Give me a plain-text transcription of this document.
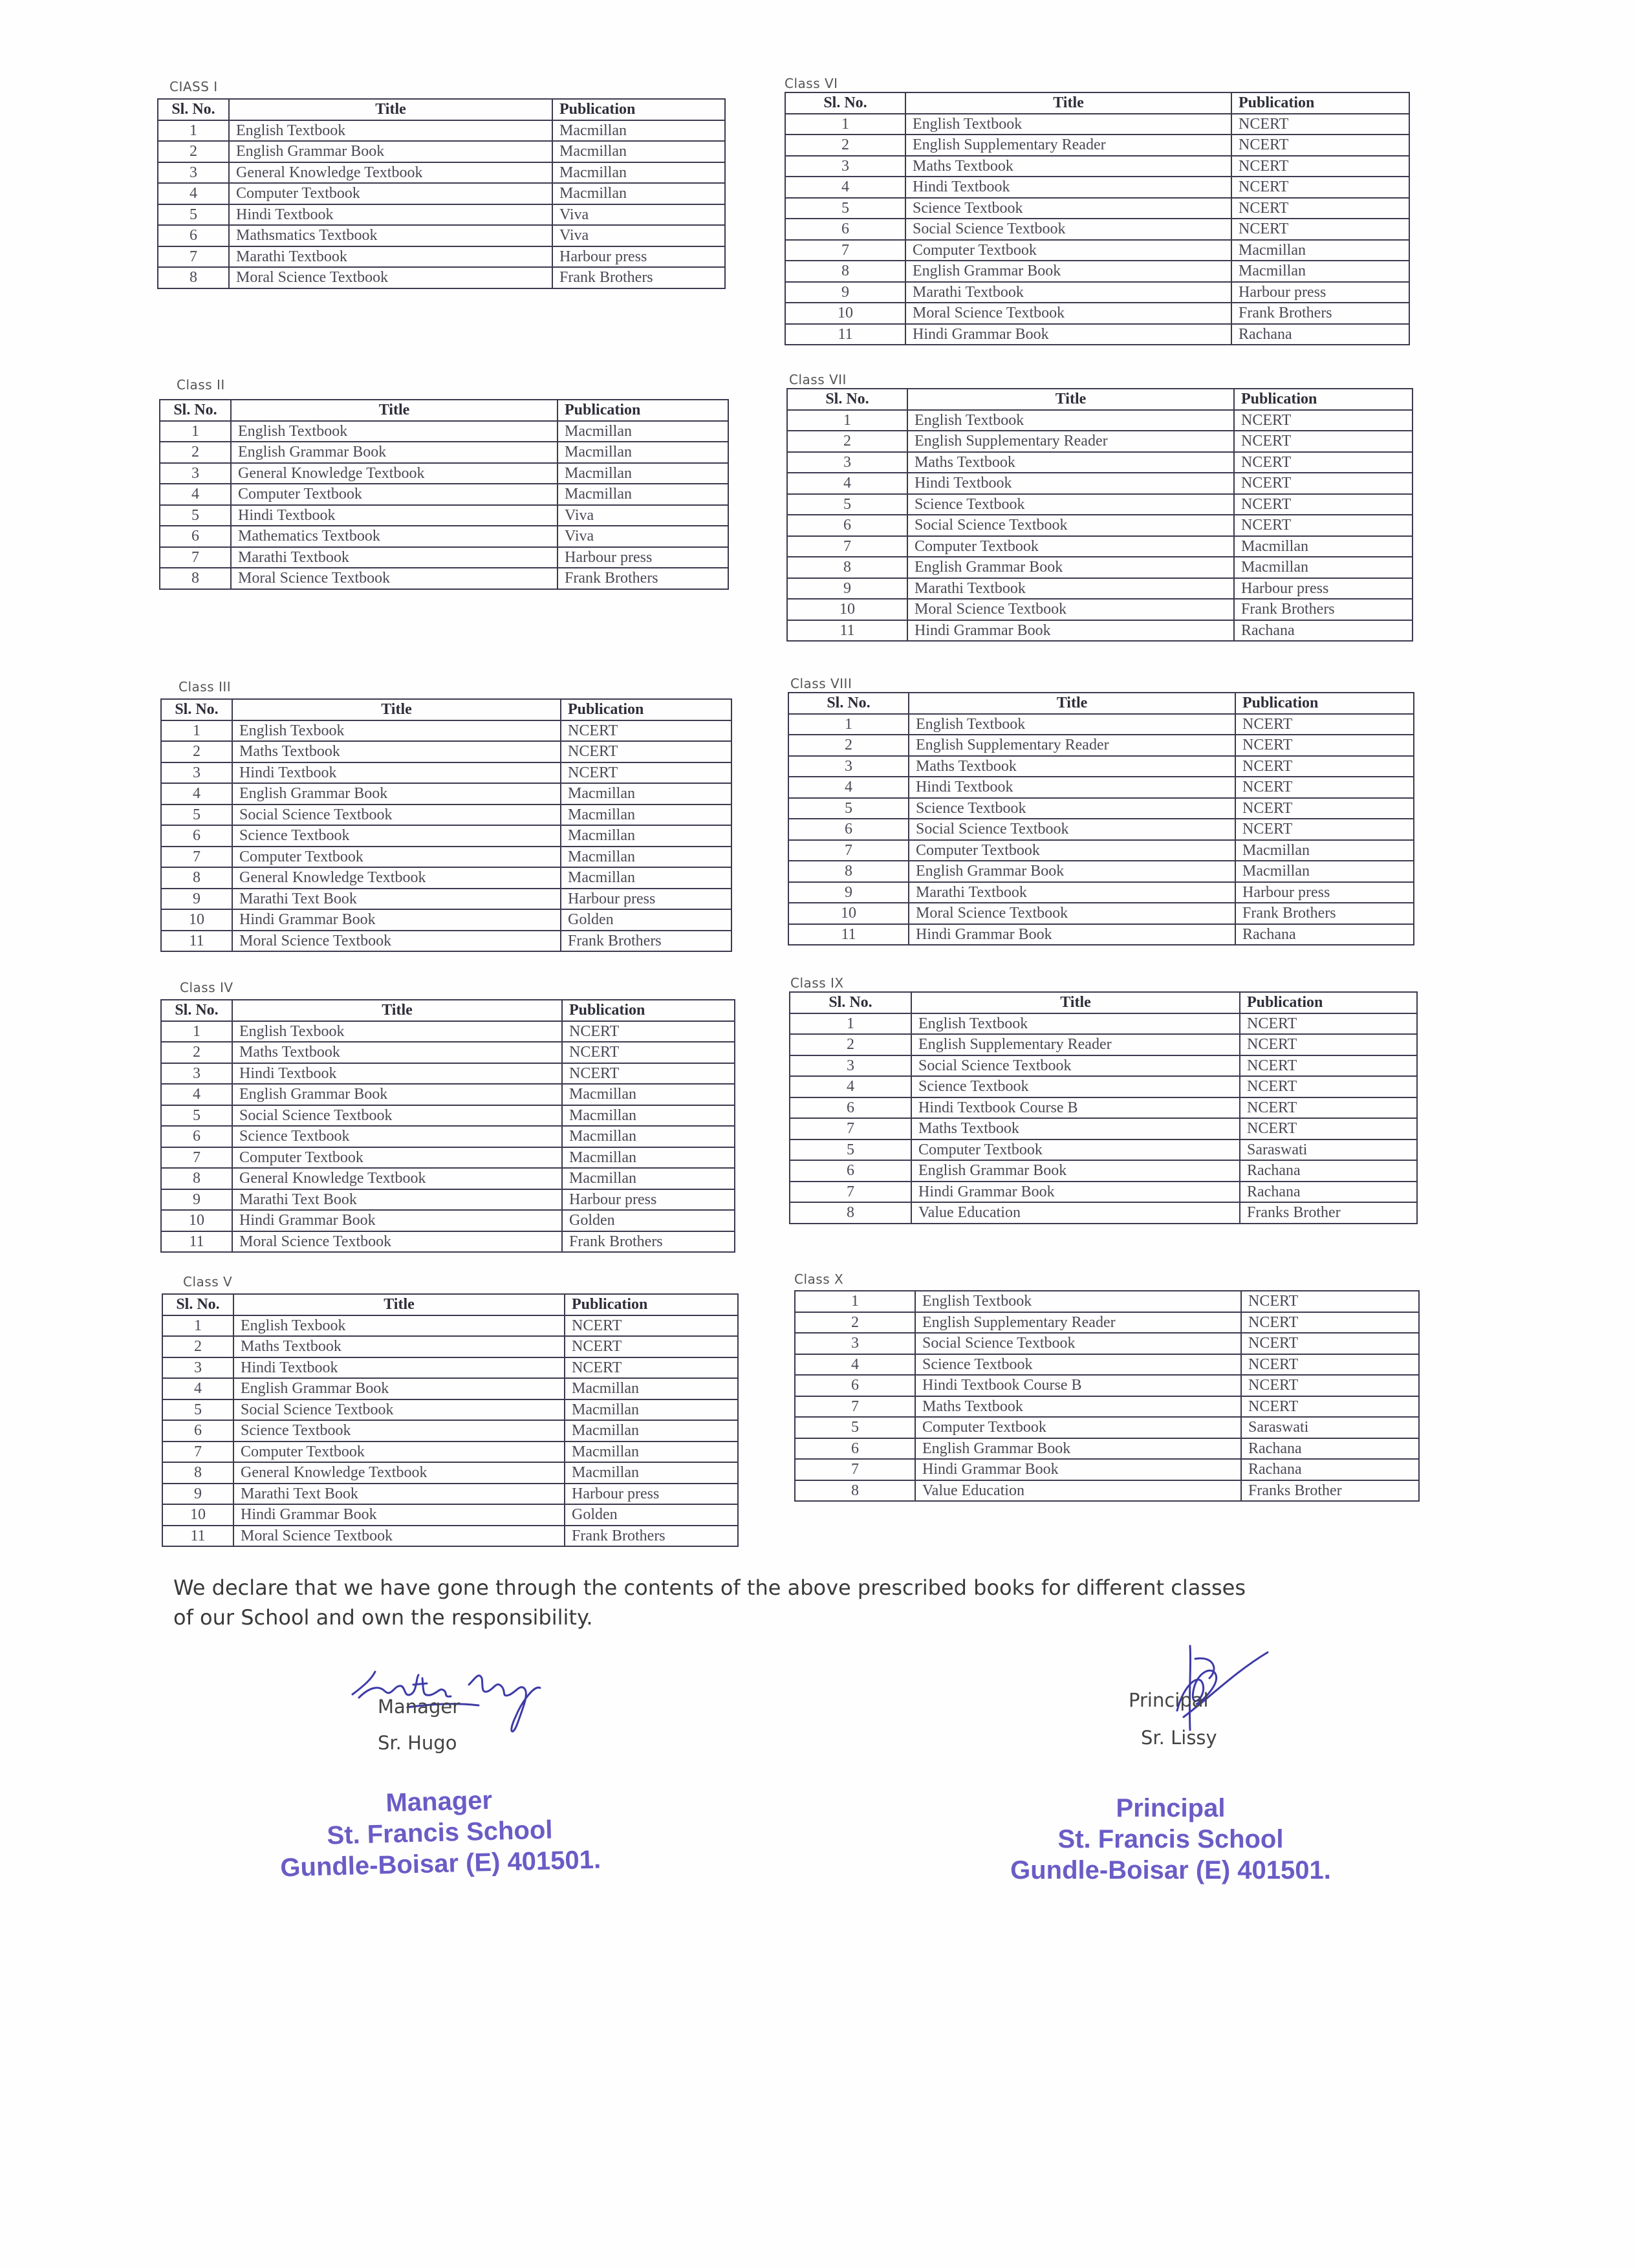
CIASS I
Sl. No.	Title	Publication
1	English Textbook	Macmillan
2	English Grammar Book	Macmillan
3	General Knowledge Textbook	Macmillan
4	Computer Textbook	Macmillan
5	Hindi Textbook	Viva
6	Mathsmatics Textbook	Viva
7	Marathi Textbook	Harbour press
8	Moral Science Textbook	Frank Brothers
Class II
Sl. No.	Title	Publication
1	English Textbook	Macmillan
2	English Grammar Book	Macmillan
3	General Knowledge Textbook	Macmillan
4	Computer Textbook	Macmillan
5	Hindi Textbook	Viva
6	Mathematics Textbook	Viva
7	Marathi Textbook	Harbour press
8	Moral Science Textbook	Frank Brothers
Class III
Sl. No.	Title	Publication
1	English Texbook	NCERT
2	Maths Textbook	NCERT
3	Hindi Textbook	NCERT
4	English Grammar Book	Macmillan
5	Social Science Textbook	Macmillan
6	Science Textbook	Macmillan
7	Computer Textbook	Macmillan
8	General Knowledge Textbook	Macmillan
9	Marathi Text Book	Harbour press
10	Hindi Grammar Book	Golden
11	Moral Science Textbook	Frank Brothers
Class IV
Sl. No.	Title	Publication
1	English Texbook	NCERT
2	Maths Textbook	NCERT
3	Hindi Textbook	NCERT
4	English Grammar Book	Macmillan
5	Social Science Textbook	Macmillan
6	Science Textbook	Macmillan
7	Computer Textbook	Macmillan
8	General Knowledge Textbook	Macmillan
9	Marathi Text Book	Harbour press
10	Hindi Grammar Book	Golden
11	Moral Science Textbook	Frank Brothers
Class V
Sl. No.	Title	Publication
1	English Texbook	NCERT
2	Maths Textbook	NCERT
3	Hindi Textbook	NCERT
4	English Grammar Book	Macmillan
5	Social Science Textbook	Macmillan
6	Science Textbook	Macmillan
7	Computer Textbook	Macmillan
8	General Knowledge Textbook	Macmillan
9	Marathi Text Book	Harbour press
10	Hindi Grammar Book	Golden
11	Moral Science Textbook	Frank Brothers
Class VI
Sl. No.	Title	Publication
1	English Textbook	NCERT
2	English Supplementary Reader	NCERT
3	Maths Textbook	NCERT
4	Hindi Textbook	NCERT
5	Science Textbook	NCERT
6	Social Science Textbook	NCERT
7	Computer Textbook	Macmillan
8	English Grammar Book	Macmillan
9	Marathi Textbook	Harbour press
10	Moral Science Textbook	Frank Brothers
11	Hindi Grammar Book	Rachana
Class VII
Sl. No.	Title	Publication
1	English Textbook	NCERT
2	English Supplementary Reader	NCERT
3	Maths Textbook	NCERT
4	Hindi Textbook	NCERT
5	Science Textbook	NCERT
6	Social Science Textbook	NCERT
7	Computer Textbook	Macmillan
8	English Grammar Book	Macmillan
9	Marathi Textbook	Harbour press
10	Moral Science Textbook	Frank Brothers
11	Hindi Grammar Book	Rachana
Class VIII
Sl. No.	Title	Publication
1	English Textbook	NCERT
2	English Supplementary Reader	NCERT
3	Maths Textbook	NCERT
4	Hindi Textbook	NCERT
5	Science Textbook	NCERT
6	Social Science Textbook	NCERT
7	Computer Textbook	Macmillan
8	English Grammar Book	Macmillan
9	Marathi Textbook	Harbour press
10	Moral Science Textbook	Frank Brothers
11	Hindi Grammar Book	Rachana
Class IX
Sl. No.	Title	Publication
1	English Textbook	NCERT
2	English Supplementary Reader	NCERT
3	Social Science Textbook	NCERT
4	Science Textbook	NCERT
6	Hindi Textbook Course B	NCERT
7	Maths Textbook	NCERT
5	Computer Textbook	Saraswati
6	English Grammar Book	Rachana
7	Hindi Grammar Book	Rachana
8	Value Education	Franks Brother
Class X
1	English Textbook	NCERT
2	English Supplementary Reader	NCERT
3	Social Science Textbook	NCERT
4	Science Textbook	NCERT
6	Hindi Textbook Course B	NCERT
7	Maths Textbook	NCERT
5	Computer Textbook	Saraswati
6	English Grammar Book	Rachana
7	Hindi Grammar Book	Rachana
8	Value Education	Franks Brother
We declare that we have gone through the contents of the above prescribed books for different classes
of our School and own the responsibility.
Manager
Sr. Hugo
Principal
Sr. Lissy
Manager
St. Francis School
Gundle-Boisar (E) 401501.
Principal
St. Francis School
Gundle-Boisar (E) 401501.
